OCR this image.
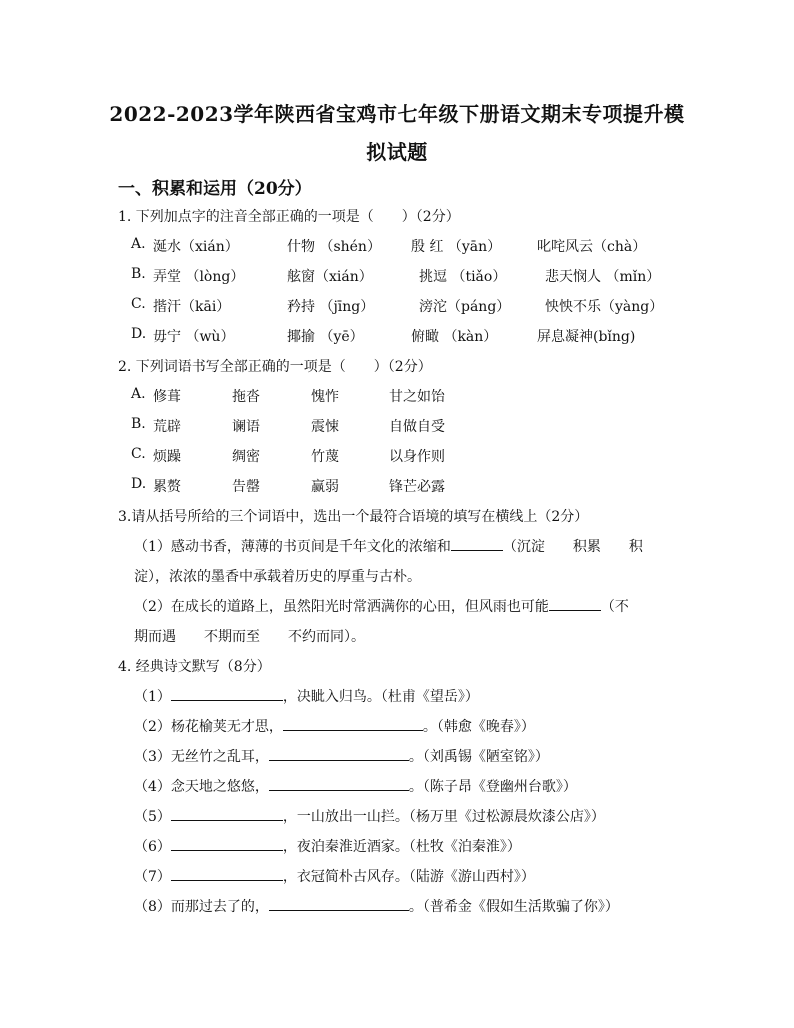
2022-2023学年陕西省宝鸡市七年级下册语文期末专项提升模
拟试题
一、积累和运用（20分）
1. 下列加点字的注音全部正确的一项是（　　）（2分）
A. 涎水（xián）	什物 （shén） 殷 红 （yān）	叱咤风云（chà）
B. 弄堂 （lòng）	舷窗（xián）	挑逗 （tiǎo）	悲天悯人 （mǐn）
C. 揩汗（kāi）	矜持 （jīng）	滂沱（páng） 怏怏不乐（yàng）
D. 毋宁 （wù）	揶揄 （yē）	俯瞰 （kàn）	屏息凝神(bǐng)
2. 下列词语书写全部正确的一项是（　　）（2分）
A. 修葺	拖沓	愧怍	甘之如饴
B. 荒辟	谰语	震悚	自做自受
C. 烦躁	绸密	竹蔑	以身作则
D. 累赘	告罄	赢弱	锋芒必露
3.请从括号所给的三个词语中，选出一个最符合语境的填写在横线上（2分）
（1）感动书香，薄薄的书页间是千年文化的浓缩和	（沉淀　　积累　　积
淀），浓浓的墨香中承载着历史的厚重与古朴。
（2）在成长的道路上，虽然阳光时常洒满你的心田，但风雨也可能	（不
期而遇　　不期而至　　不约而同）。
4. 经典诗文默写（8分）
（1）	，决眦入归鸟。（杜甫《望岳》）
（2）杨花榆荚无才思，	。（韩愈《晚春》）
（3）无丝竹之乱耳，	。（刘禹锡《陋室铭》）
（4）念天地之悠悠，	。（陈子昂《登幽州台歌》）
（5）	，一山放出一山拦。（杨万里《过松源晨炊漆公店》）
（6）	，夜泊秦淮近酒家。（杜牧《泊秦淮》）
（7）	，衣冠简朴古风存。（陆游《游山西村》）
（8）而那过去了的，	。（普希金《假如生活欺骗了你》）
